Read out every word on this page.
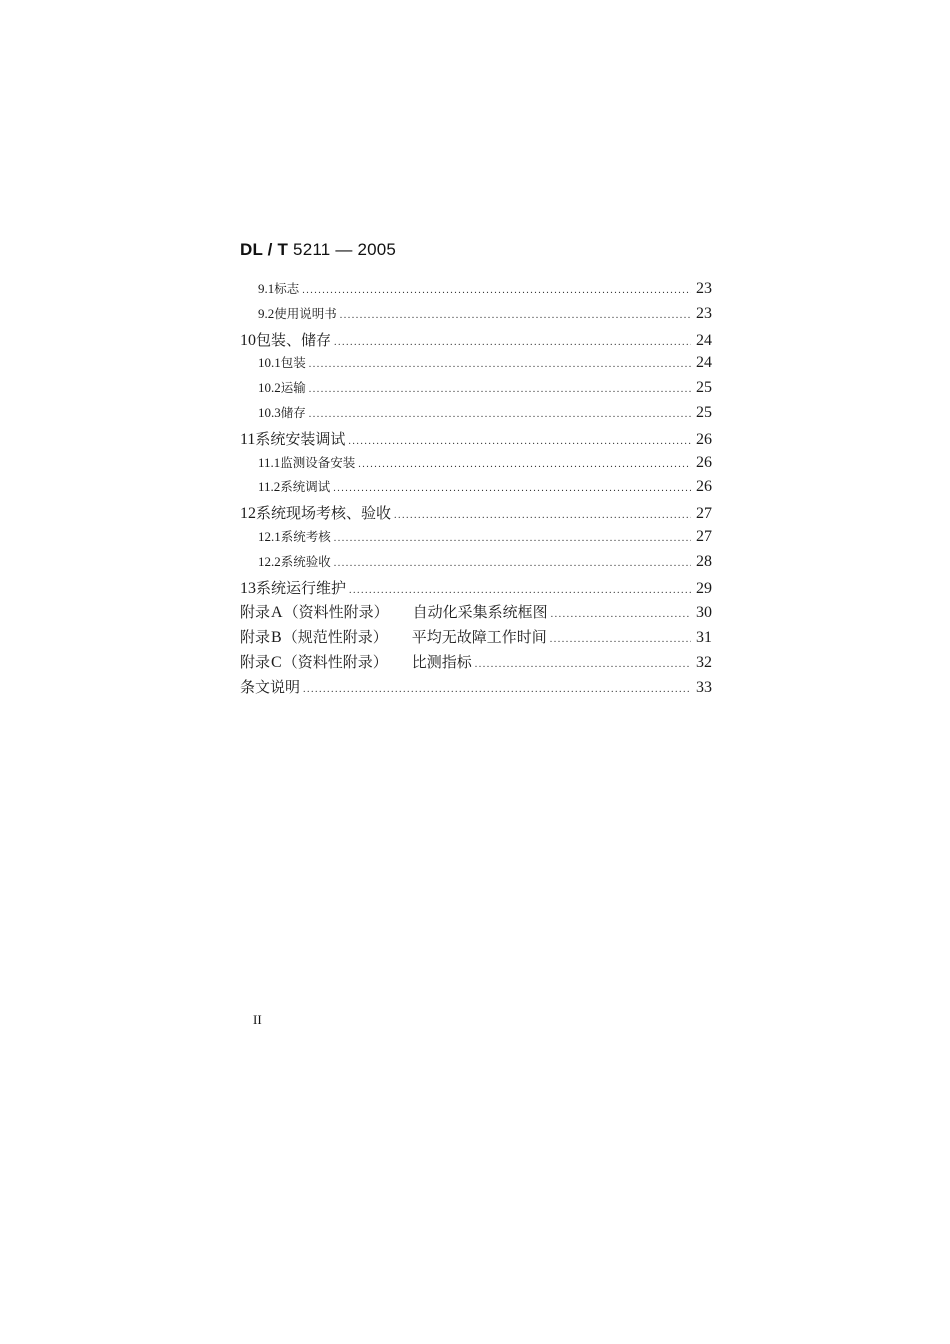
DL / T 5211 — 2005
9.1 标志 .....	23
9.2 使用说明书 .....	23
10 包装、储存 .....	24
10.1 包装 .....	24
10.2 运输 .....	25
10.3 储存 .....	25
11 系统安装调试 .....	26
11.1 监测设备安装 .....	26
11.2 系统调试 .....	26
12 系统现场考核、验收 .....	27
12.1 系统考核 .....	27
12.2 系统验收 .....	28
13 系统运行维护 .....	29
附录 A （资料性附录） 自动化采集系统框图 .....	30
附录 B （规范性附录） 平均无故障工作时间 .....	31
附录 C （资料性附录） 比测指标 .....	32
条文说明 .....	33
II
